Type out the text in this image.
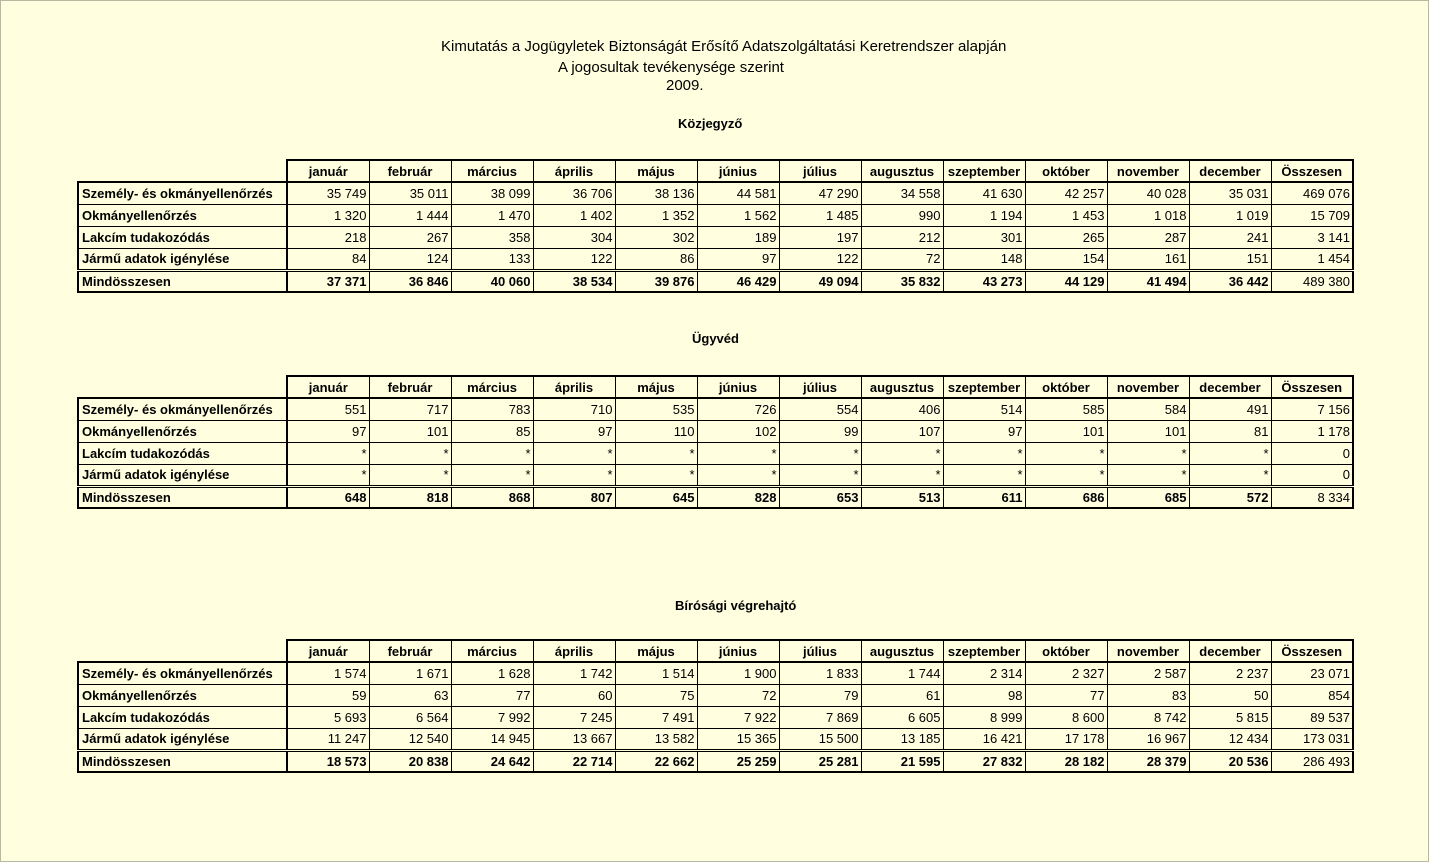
Kimutatás a Jogügyletek Biztonságát Erősítő Adatszolgáltatási Keretrendszer alapján
A jogosultak tevékenysége szerint
2009.
Közjegyző
	január	február	március	április	május	június	július	augusztus	szeptember	október	november	december	Összesen
Személy- és okmányellenőrzés	35 749	35 011	38 099	36 706	38 136	44 581	47 290	34 558	41 630	42 257	40 028	35 031	469 076
Okmányellenőrzés	1 320	1 444	1 470	1 402	1 352	1 562	1 485	990	1 194	1 453	1 018	1 019	15 709
Lakcím tudakozódás	218	267	358	304	302	189	197	212	301	265	287	241	3 141
Jármű adatok igénylése	84	124	133	122	86	97	122	72	148	154	161	151	1 454
Mindösszesen	37 371	36 846	40 060	38 534	39 876	46 429	49 094	35 832	43 273	44 129	41 494	36 442	489 380
Ügyvéd
	január	február	március	április	május	június	július	augusztus	szeptember	október	november	december	Összesen
Személy- és okmányellenőrzés	551	717	783	710	535	726	554	406	514	585	584	491	7 156
Okmányellenőrzés	97	101	85	97	110	102	99	107	97	101	101	81	1 178
Lakcím tudakozódás	*	*	*	*	*	*	*	*	*	*	*	*	0
Jármű adatok igénylése	*	*	*	*	*	*	*	*	*	*	*	*	0
Mindösszesen	648	818	868	807	645	828	653	513	611	686	685	572	8 334
Bírósági végrehajtó
	január	február	március	április	május	június	július	augusztus	szeptember	október	november	december	Összesen
Személy- és okmányellenőrzés	1 574	1 671	1 628	1 742	1 514	1 900	1 833	1 744	2 314	2 327	2 587	2 237	23 071
Okmányellenőrzés	59	63	77	60	75	72	79	61	98	77	83	50	854
Lakcím tudakozódás	5 693	6 564	7 992	7 245	7 491	7 922	7 869	6 605	8 999	8 600	8 742	5 815	89 537
Jármű adatok igénylése	11 247	12 540	14 945	13 667	13 582	15 365	15 500	13 185	16 421	17 178	16 967	12 434	173 031
Mindösszesen	18 573	20 838	24 642	22 714	22 662	25 259	25 281	21 595	27 832	28 182	28 379	20 536	286 493
